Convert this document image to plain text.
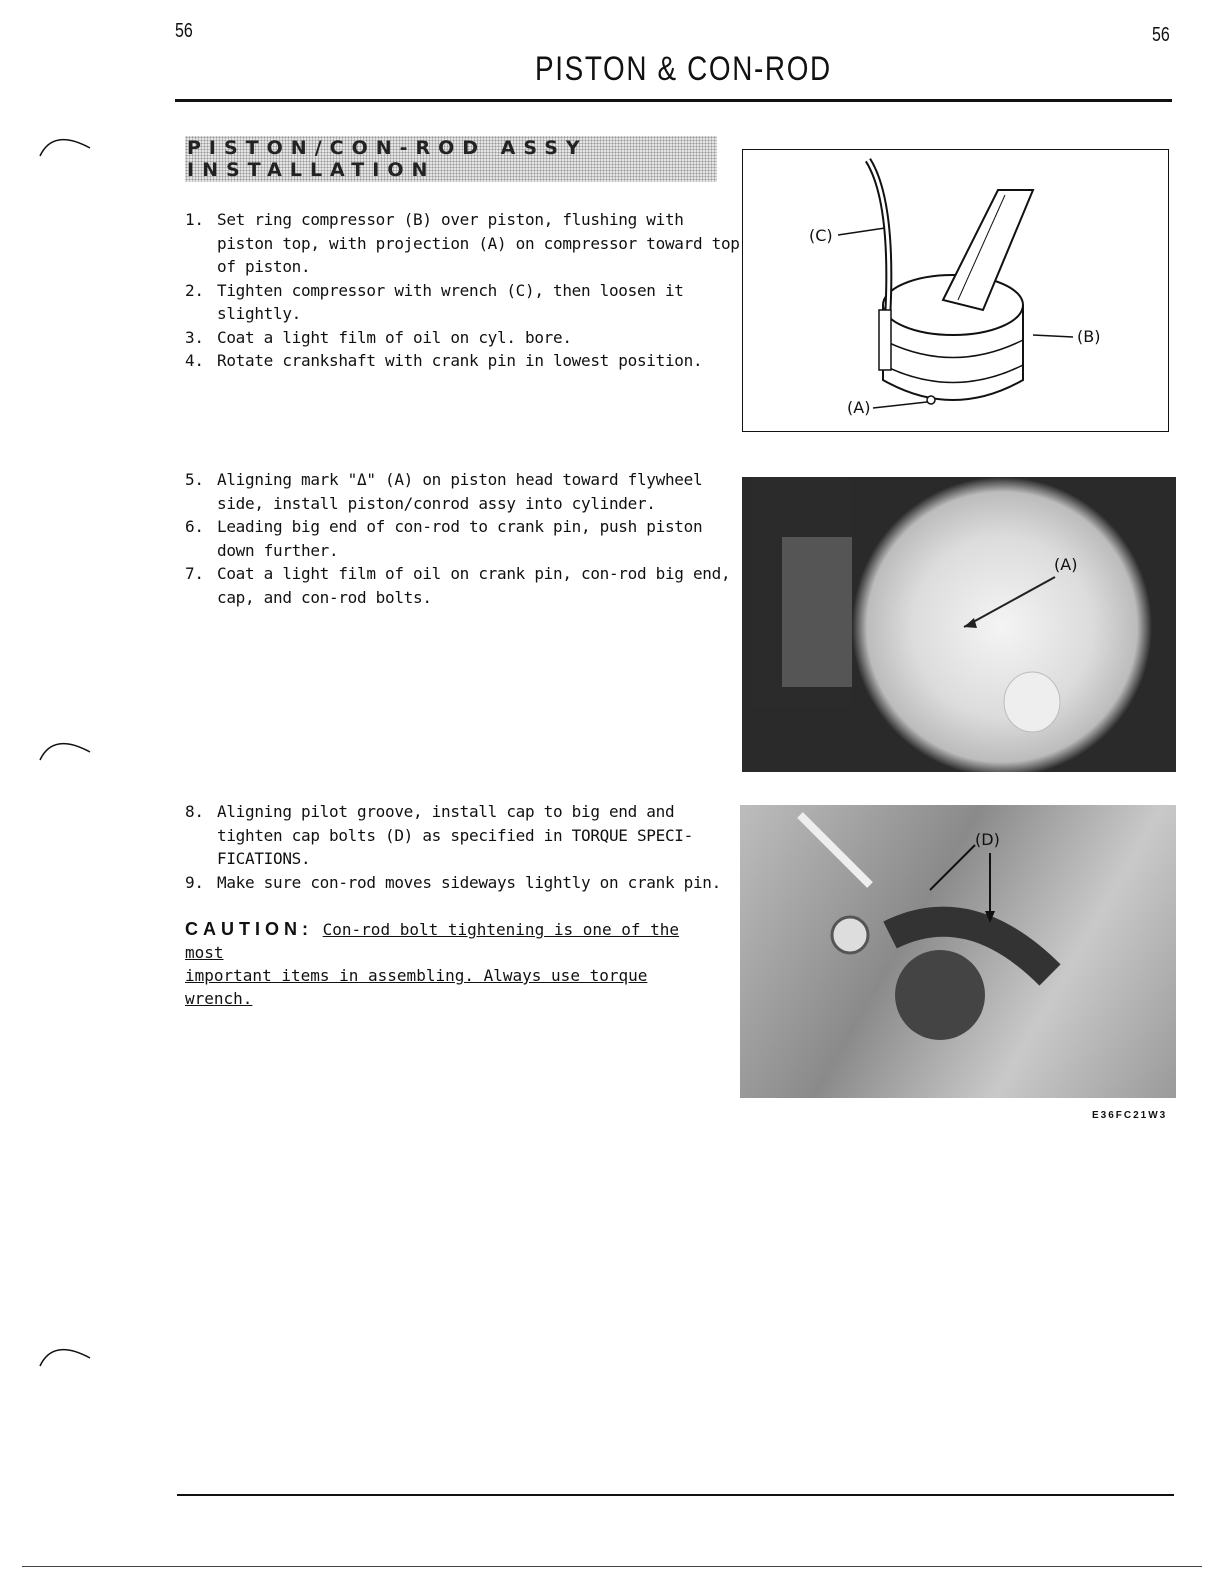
56	56
PISTON & CON-ROD
PISTON/CON-ROD ASSY
INSTALLATION
1. Set ring compressor (B) over piston, flushing with
piston top, with projection (A) on compressor toward top
of piston.
2. Tighten compressor with wrench (C), then loosen it
slightly.
3. Coat a light film of oil on cyl. bore.
4. Rotate crankshaft with crank pin in lowest position.
5. Aligning mark "Δ" (A) on piston head toward flywheel
side, install piston/conrod assy into cylinder.
6. Leading big end of con-rod to crank pin, push piston
down further.
7. Coat a light film of oil on crank pin, con-rod big end,
cap, and con-rod bolts.
8. Aligning pilot groove, install cap to big end and
tighten cap bolts (D) as specified in TORQUE SPECI-
FICATIONS.
9. Make sure con-rod moves sideways lightly on crank pin.
CAUTION: Con-rod bolt tightening is one of the most
important items in assembling. Always use torque wrench.
(C)
(B)
(A)
(A)
(D)
E36FC21W3
